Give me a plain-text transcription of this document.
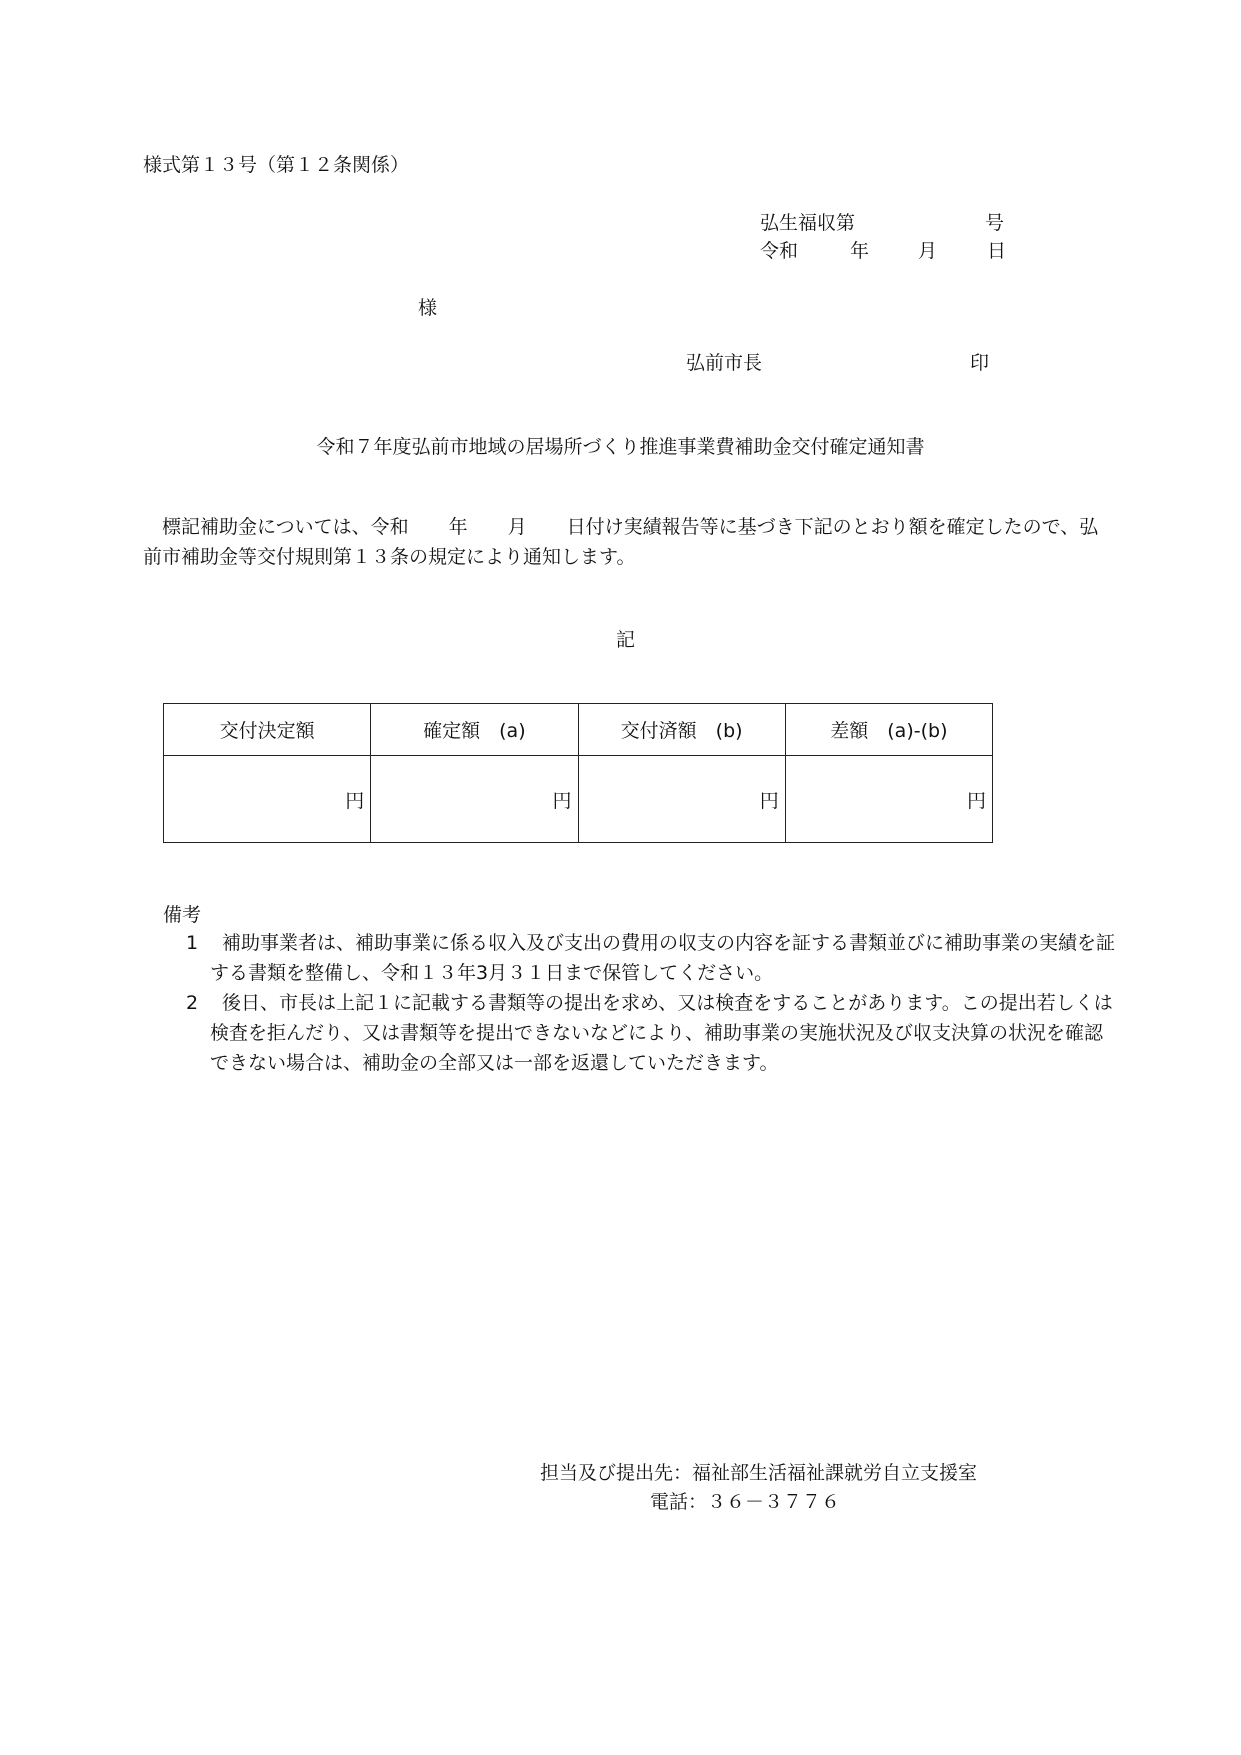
様式第１３号（第１２条関係）
弘生福収第	号
令和	年	月	日
様
弘前市長	印
令和７年度弘前市地域の居場所づくり推進事業費補助金交付確定通知書
標記補助金については、令和 年 月 日付け実績報告等に基づき下記のとおり額を確定したので、弘前市補助金等交付規則第１３条の規定により通知します。
記
交付決定額	確定額　(a)	交付済額　(b)	差額　(a)-(b)
円	円	円	円
備考
1 補助事業者は、補助事業に係る収入及び支出の費用の収支の内容を証する書類並びに補助事業の実績を証する書類を整備し、令和１３年3月３１日まで保管してください。
2 後日、市長は上記１に記載する書類等の提出を求め、又は検査をすることがあります。この提出若しくは検査を拒んだり、又は書類等を提出できないなどにより、補助事業の実施状況及び収支決算の状況を確認できない場合は、補助金の全部又は一部を返還していただきます。
担当及び提出先：福祉部生活福祉課就労自立支援室
電話：３６－３７７６
